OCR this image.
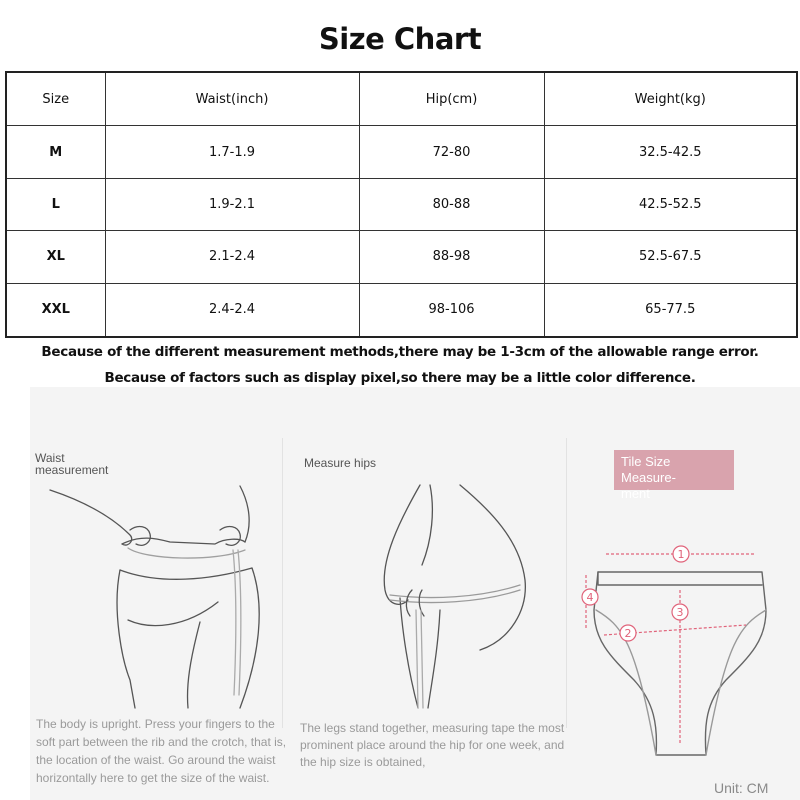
Size Chart
Size	Waist(inch)	Hip(cm)	Weight(kg)
M	1.7-1.9	72-80	32.5-42.5
L	1.9-2.1	80-88	42.5-52.5
XL	2.1-2.4	88-98	52.5-67.5
XXL	2.4-2.4	98-106	65-77.5
Because of the different measurement methods,there may be 1-3cm of the allowable range error.
Because of factors such as display pixel,so there may be a little color difference.
Waist
measurement
The body is upright. Press your fingers to the
soft part between the rib and the crotch, that is,
the location of the waist. Go around the waist
horizontally here to get the size of the waist.
Measure hips
The legs stand together, measuring tape the most
prominent place around the hip for one week, and
the hip size is obtained,
Tile Size Measure-
ment
1
2
3
4
Unit: CM
